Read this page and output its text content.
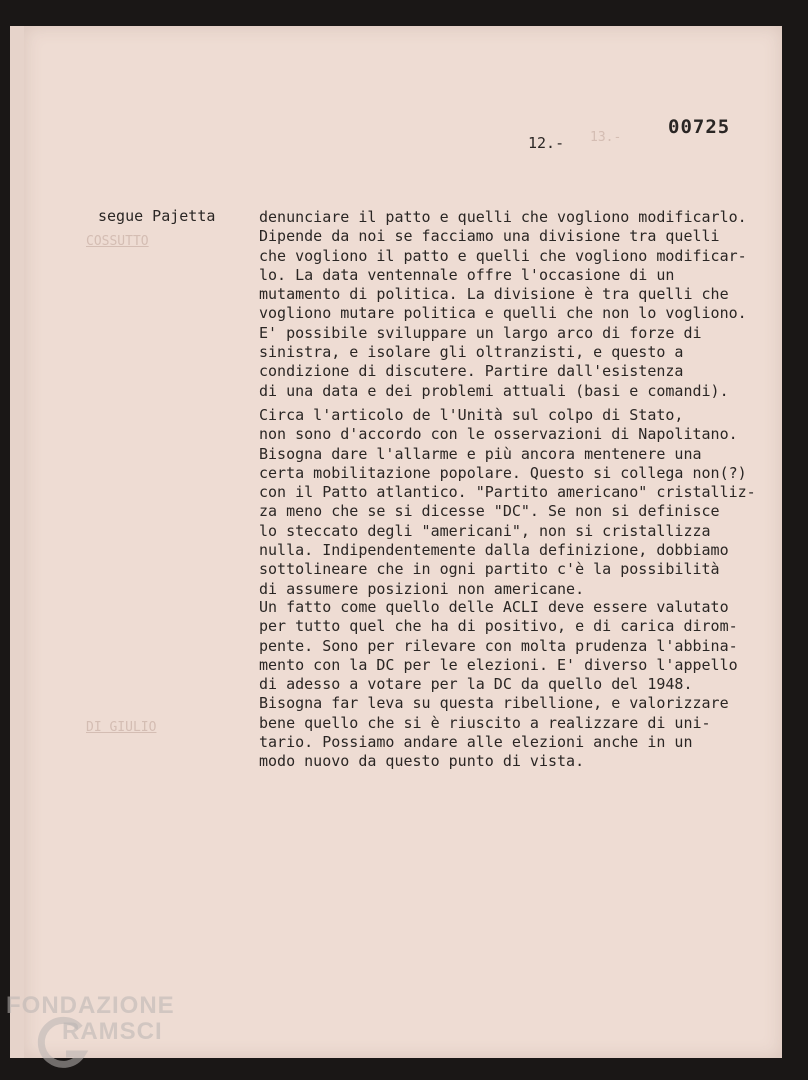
13.-
COSSUTTO
DI GIULIO
00725
12.-
segue Pajetta	denunciare il patto e quelli che vogliono modificarlo.
Dipende da noi se facciamo una divisione tra quelli
che vogliono il patto e quelli che vogliono modificar-
lo. La data ventennale offre l'occasione di un
mutamento di politica. La divisione è tra quelli che
vogliono mutare politica e quelli che non lo vogliono.
E' possibile sviluppare un largo arco di forze di
sinistra, e isolare gli oltranzisti, e questo a
condizione di discutere. Partire dall'esistenza
di una data e dei problemi attuali (basi e comandi).
Circa l'articolo de l'Unità sul colpo di Stato,
non sono d'accordo con le osservazioni di Napolitano.
Bisogna dare l'allarme e più ancora mentenere una
certa mobilitazione popolare. Questo si collega non(?)
con il Patto atlantico. "Partito americano" cristalliz-
za meno che se si dicesse "DC". Se non si definisce
lo steccato degli "americani", non si cristallizza
nulla. Indipendentemente dalla definizione, dobbiamo
sottolineare che in ogni partito c'è la possibilità
di assumere posizioni non americane.
Un fatto come quello delle ACLI deve essere valutato
per tutto quel che ha di positivo, e di carica dirom-
pente. Sono per rilevare con molta prudenza l'abbina-
mento con la DC per le elezioni. E' diverso l'appello
di adesso a votare per la DC da quello del 1948.
Bisogna far leva su questa ribellione, e valorizzare
bene quello che si è riuscito a realizzare di uni-
tario. Possiamo andare alle elezioni anche in un
modo nuovo da questo punto di vista.
FONDAZIONE
RAMSCI
